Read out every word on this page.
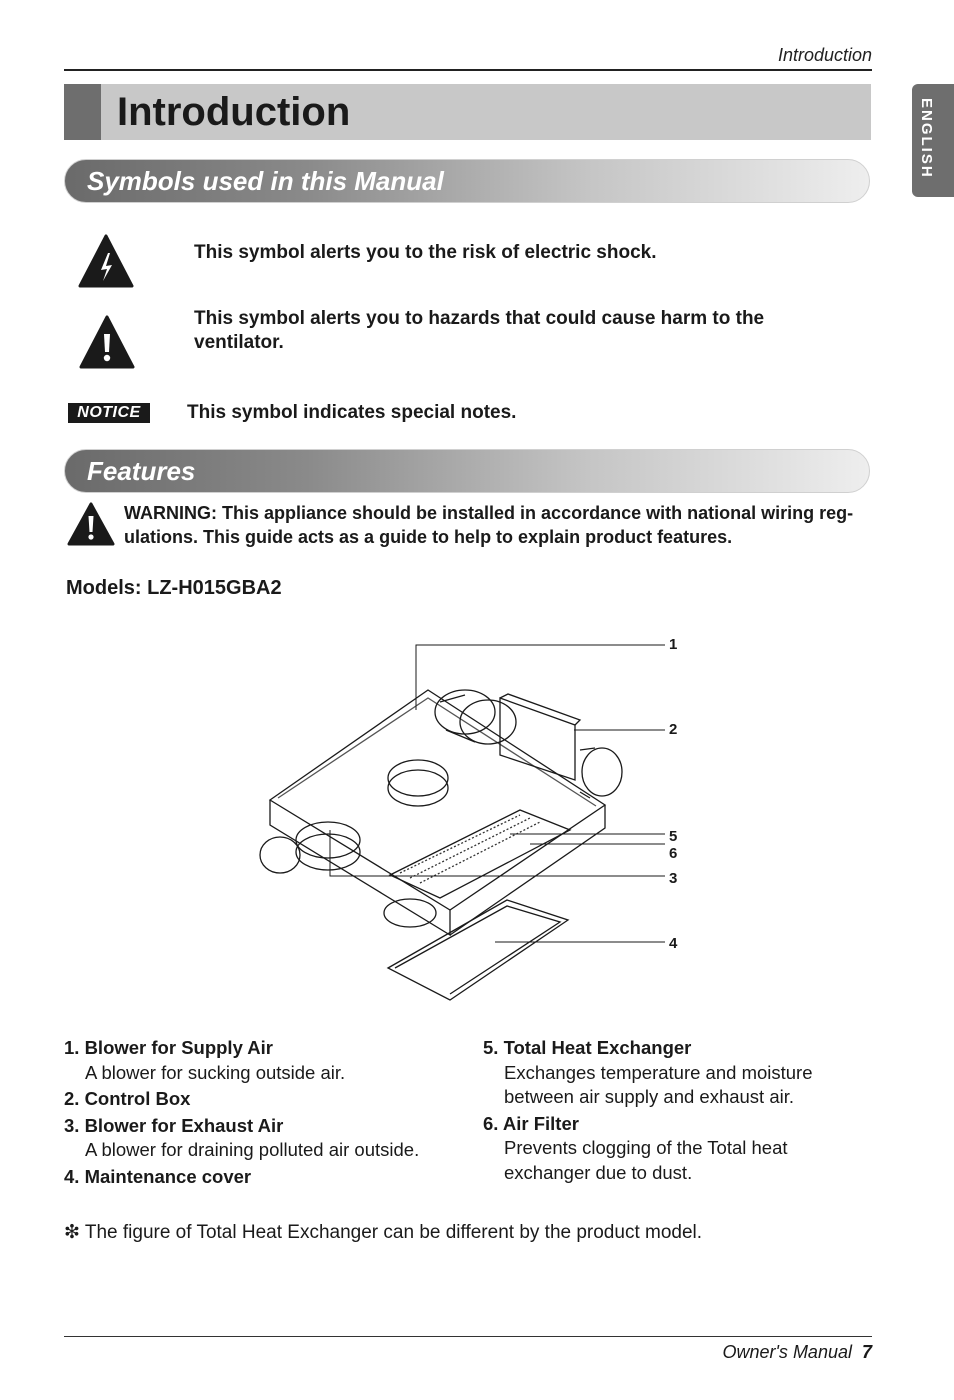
Introduction
Introduction	ENGLISH
Symbols used in this Manual
This symbol alerts you to the risk of electric shock.
This symbol alerts you to hazards that could cause harm to the ventilator.
NOTICE	This symbol indicates special notes.
Features
WARNING: This appliance should be installed in accordance with national wiring reg-ulations. This guide acts as a guide to help to explain product features.
Models: LZ-H015GBA2
1
2
5
6
3
4
1. Blower for Supply Air
A blower for sucking outside air.
2. Control Box
3. Blower for Exhaust Air
A blower for draining polluted air outside.
4. Maintenance cover
5. Total Heat Exchanger
Exchanges temperature and moisture between air supply and exhaust air.
6. Air Filter
Prevents clogging of the Total heat exchanger due to dust.
❇ The figure of Total Heat Exchanger can be different by the product model.
Owner's Manual 7
